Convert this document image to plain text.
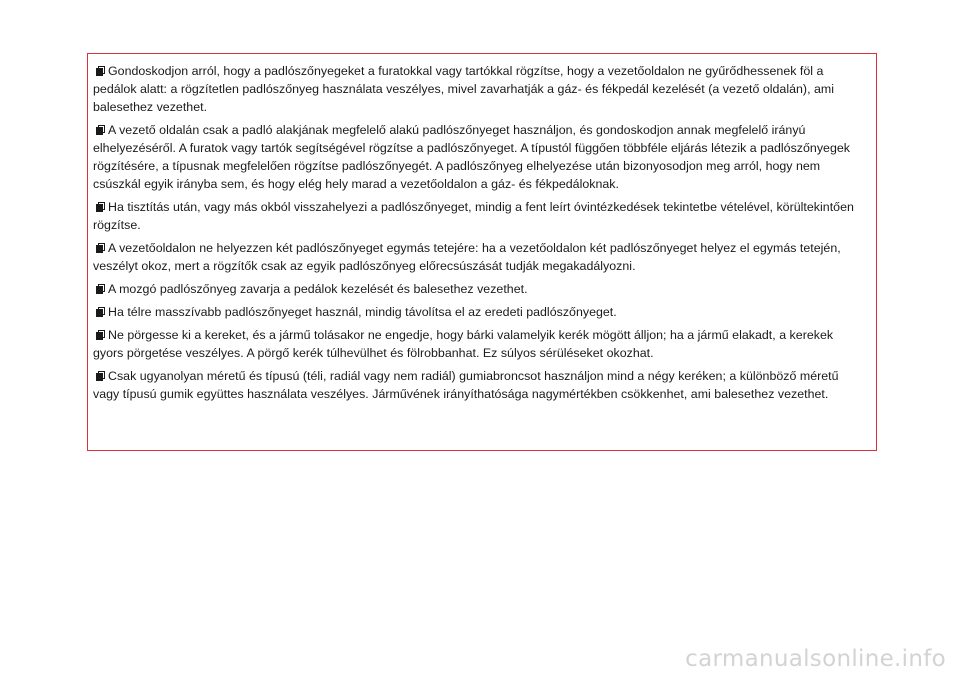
Gondoskodjon arról, hogy a padlószőnyegeket a furatokkal vagy tartókkal rögzítse, hogy a vezetőoldalon ne gyűrődhessenek föl a pedálok alatt: a rögzítetlen padlószőnyeg használata veszélyes, mivel zavarhatják a gáz- és fékpedál kezelését (a vezető oldalán), ami balesethez vezethet.

A vezető oldalán csak a padló alakjának megfelelő alakú padlószőnyeget használjon, és gondoskodjon annak megfelelő irányú elhelyezéséről. A furatok vagy tartók segítségével rögzítse a padlószőnyeget. A típustól függően többféle eljárás létezik a padlószőnyegek rögzítésére, a típusnak megfelelően rögzítse padlószőnyegét. A padlószőnyeg elhelyezése után bizonyosodjon meg arról, hogy nem csúszkál egyik irányba sem, és hogy elég hely marad a vezetőoldalon a gáz- és fékpedáloknak.

Ha tisztítás után, vagy más okból visszahelyezi a padlószőnyeget, mindig a fent leírt óvintézkedések tekintetbe vételével, körültekintően rögzítse.

A vezetőoldalon ne helyezzen két padlószőnyeget egymás tetejére: ha a vezetőoldalon két padlószőnyeget helyez el egymás tetején, veszélyt okoz, mert a rögzítők csak az egyik padlószőnyeg előrecsúszását tudják megakadályozni.

A mozgó padlószőnyeg zavarja a pedálok kezelését és balesethez vezethet.

Ha télre masszívabb padlószőnyeget használ, mindig távolítsa el az eredeti padlószőnyeget.

Ne pörgesse ki a kereket, és a jármű tolásakor ne engedje, hogy bárki valamelyik kerék mögött álljon; ha a jármű elakadt, a kerekek gyors pörgetése veszélyes. A pörgő kerék túlhevülhet és fölrobbanhat. Ez súlyos sérüléseket okozhat.

Csak ugyanolyan méretű és típusú (téli, radiál vagy nem radiál) gumiabroncsot használjon mind a négy keréken; a különböző méretű vagy típusú gumik együttes használata veszélyes. Járművének irányíthatósága nagymértékben csökkenhet, ami balesethez vezethet.

carmanualsonline.info
